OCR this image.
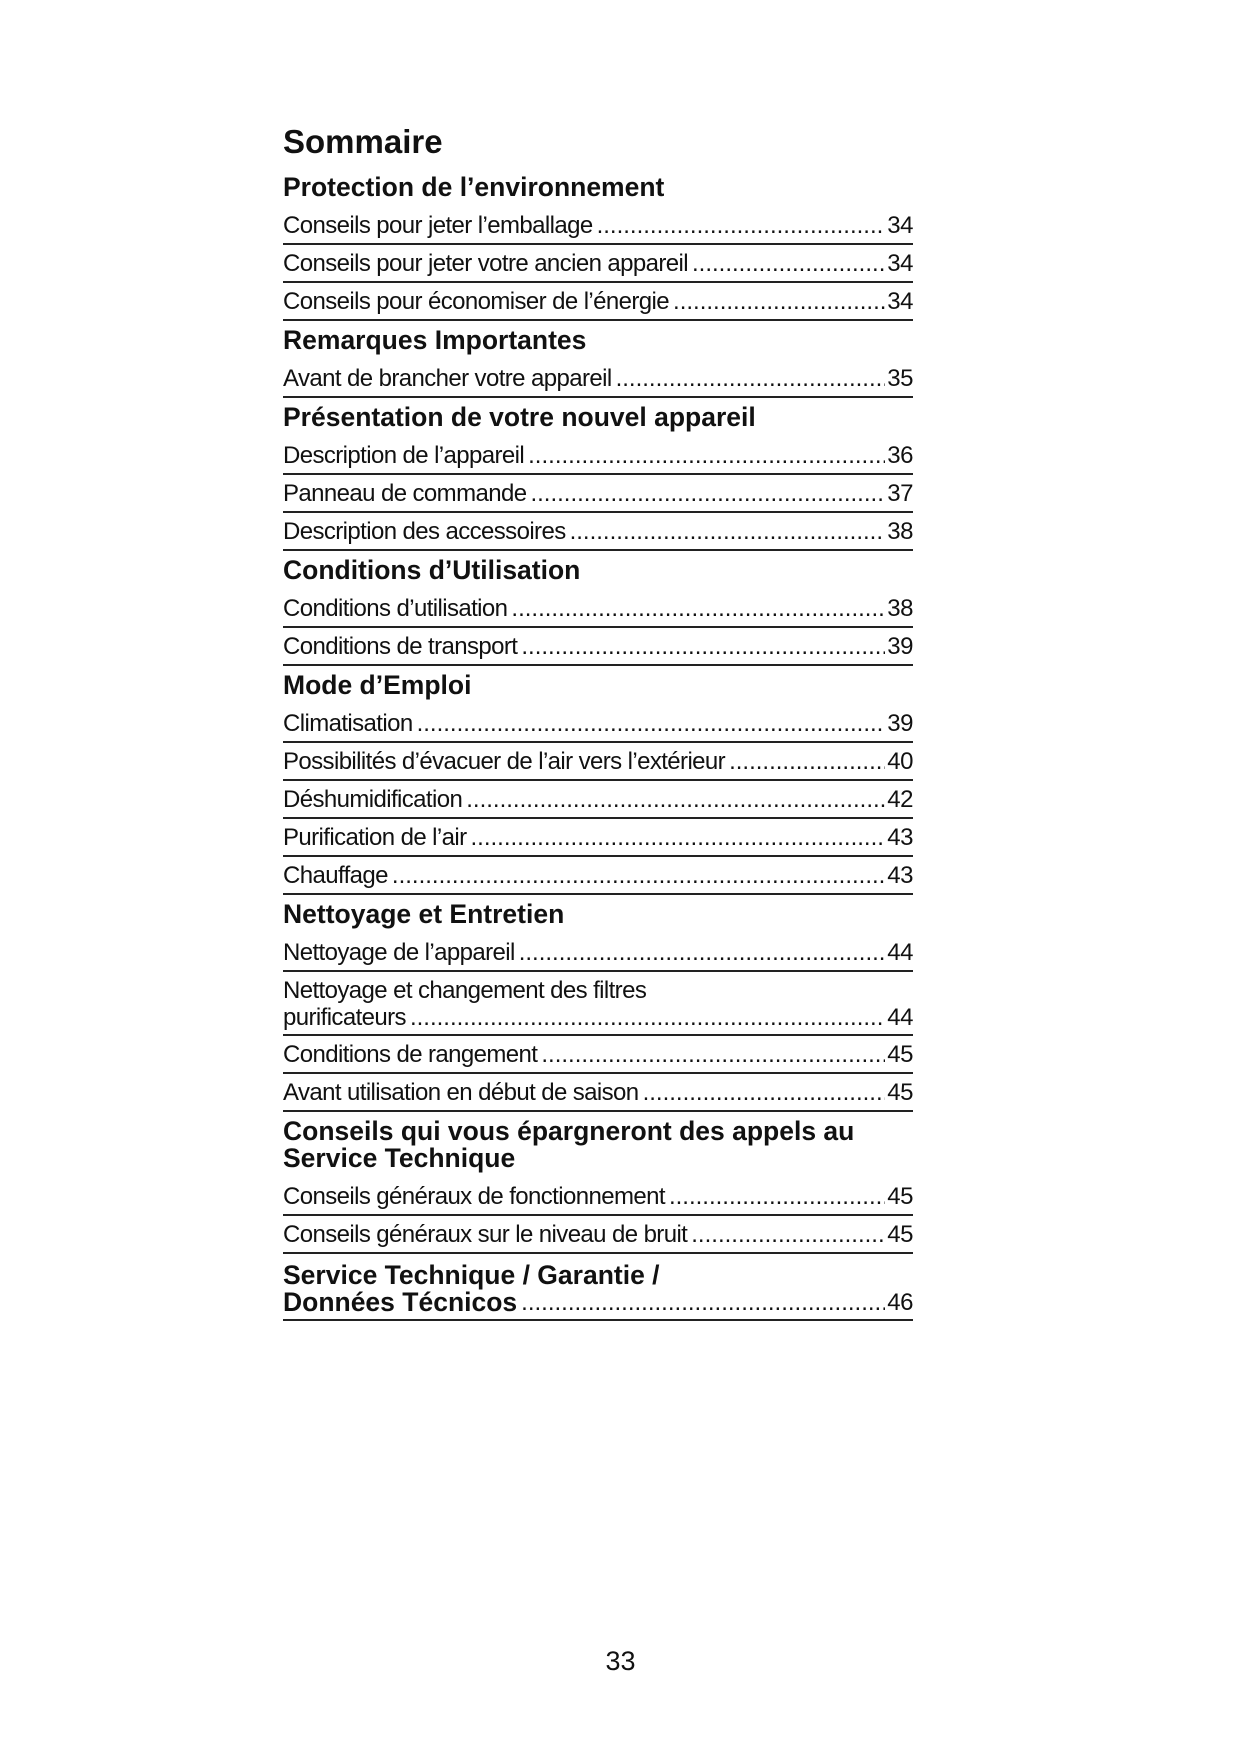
Sommaire
Protection de l’environnement
Conseils pour jeter l’emballage .....	34
Conseils pour jeter votre ancien appareil .....	34
Conseils pour économiser de l’énergie .....	34
Remarques Importantes
Avant de brancher votre appareil .....	35
Présentation de votre nouvel appareil
Description de l’appareil .....	36
Panneau de commande .....	37
Description des accessoires .....	38
Conditions d’Utilisation
Conditions d’utilisation .....	38
Conditions de transport .....	39
Mode d’Emploi
Climatisation .....	39
Possibilités d’évacuer de l’air vers l’extérieur .....	40
Déshumidification .....	42
Purification de l’air .....	43
Chauffage .....	43
Nettoyage et Entretien
Nettoyage de l’appareil .....	44
Nettoyage et changement des filtres
purificateurs .....	44
Conditions de rangement .....	45
Avant utilisation en début de saison .....	45
Conseils qui vous épargneront des appels au
Service Technique
Conseils généraux de fonctionnement .....	45
Conseils généraux sur le niveau de bruit .....	45
Service Technique / Garantie /
Données Técnicos .....	46
33
